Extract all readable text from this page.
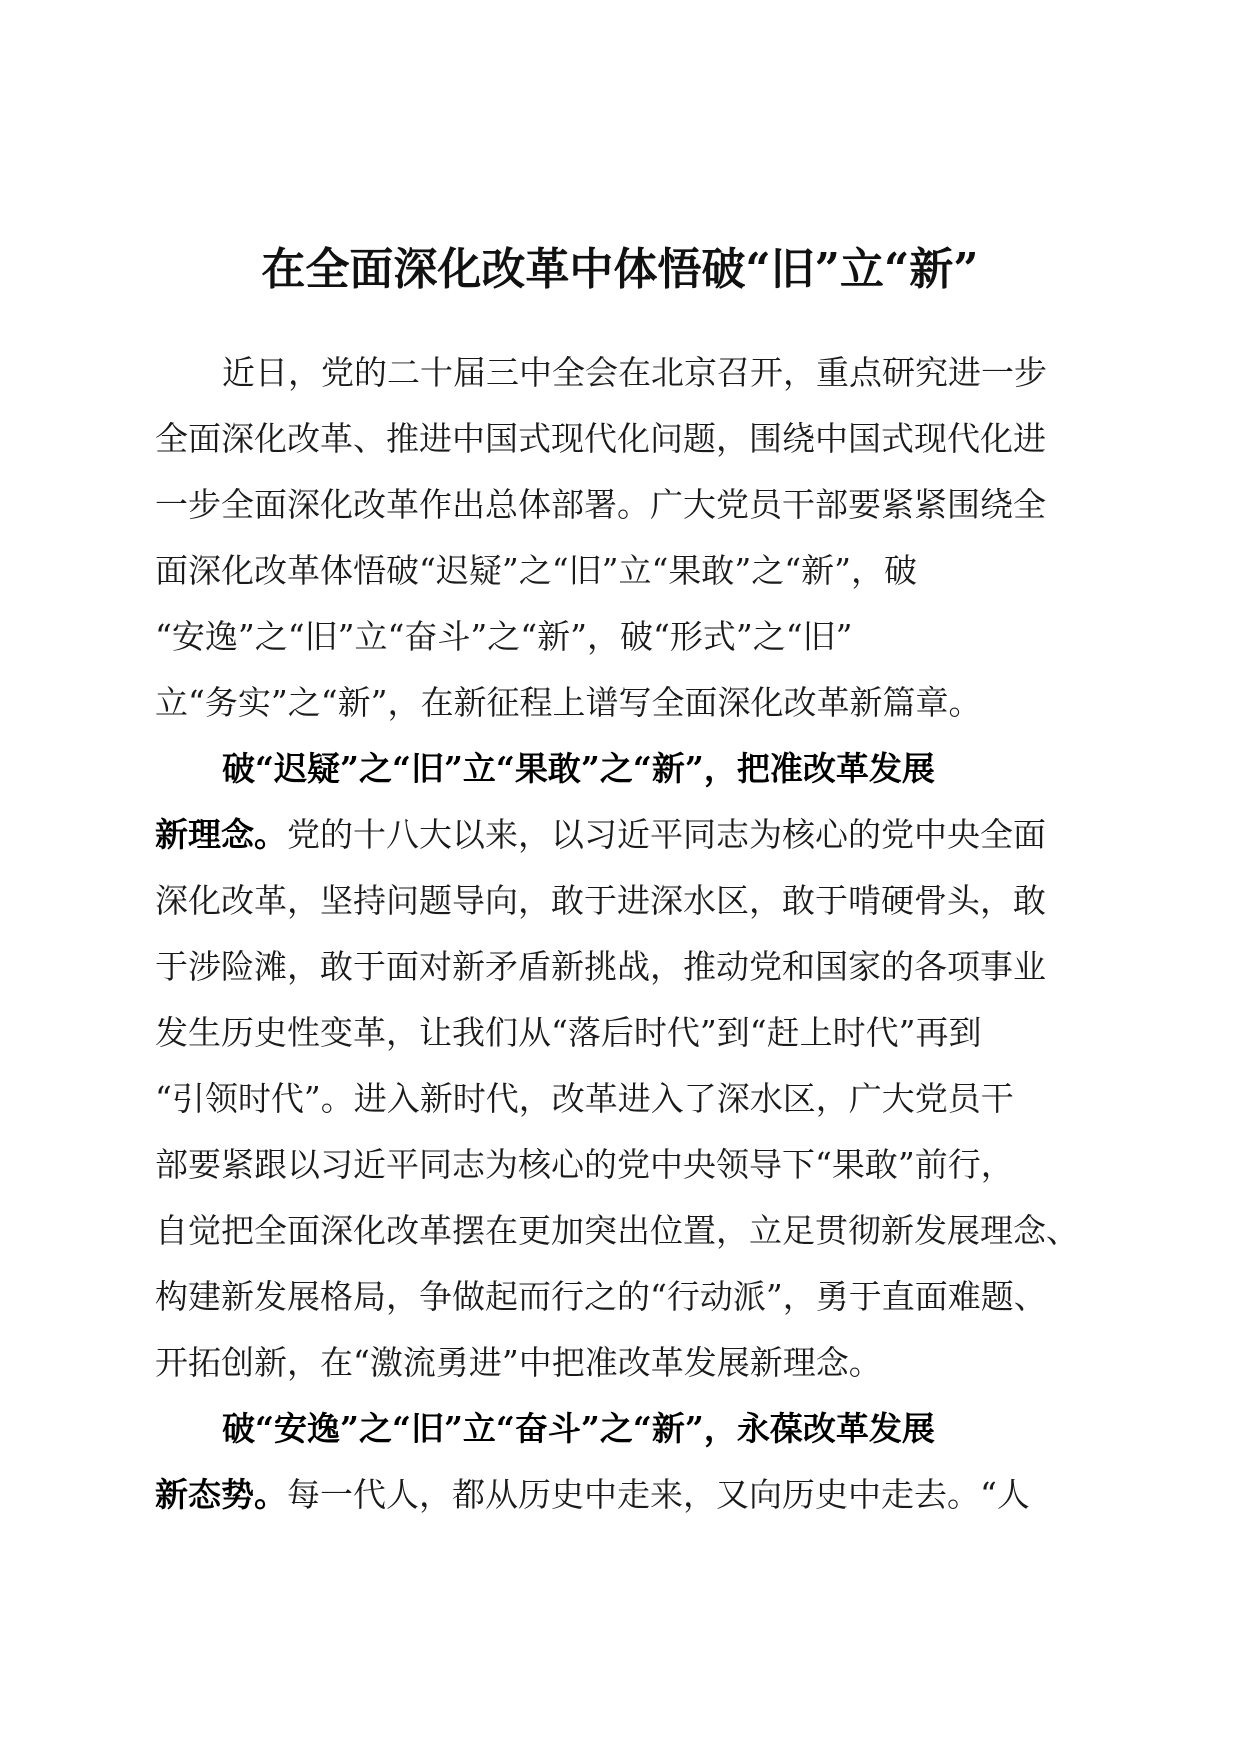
在全面深化改革中体悟破“旧”立“新”

近日，党的二十届三中全会在北京召开，重点研究进一步

全面深化改革、推进中国式现代化问题，围绕中国式现代化进

一步全面深化改革作出总体部署。广大党员干部要紧紧围绕全

面深化改革体悟破“迟疑”之“旧”立“果敢”之“新”，破

“安逸”之“旧”立“奋斗”之“新”，破“形式”之“旧”

立“务实”之“新”，在新征程上谱写全面深化改革新篇章。

破“迟疑”之“旧”立“果敢”之“新”，把准改革发展

新理念。党的十八大以来，以习近平同志为核心的党中央全面

深化改革，坚持问题导向，敢于进深水区，敢于啃硬骨头，敢

于涉险滩，敢于面对新矛盾新挑战，推动党和国家的各项事业

发生历史性变革，让我们从“落后时代”到“赶上时代”再到

“引领时代”。进入新时代，改革进入了深水区，广大党员干

部要紧跟以习近平同志为核心的党中央领导下“果敢”前行，

自觉把全面深化改革摆在更加突出位置，立足贯彻新发展理念、

构建新发展格局，争做起而行之的“行动派”，勇于直面难题、

开拓创新，在“激流勇进”中把准改革发展新理念。

破“安逸”之“旧”立“奋斗”之“新”，永葆改革发展

新态势。每一代人，都从历史中走来，又向历史中走去。“人
